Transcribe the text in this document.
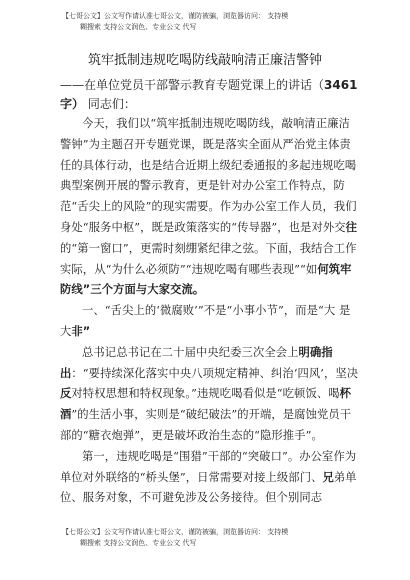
【七哥公文】公文写作请认准七哥公文，谨防被骗，浏览器访问： 支持模
糊搜索 支持公文润色、专业公文 代写
筑牢抵制违规吃喝防线敲响清正廉洁警钟
——在单位党员干部警示教育专题党课上的讲话（3461
字） 同志们：

今天，我们以“筑牢抵制违规吃喝防线，敲响清正廉洁警钟”为主题召开专题党课，既是落实全面从严治党主体责任的具体行动，也是结合近期上级纪委通报的多起违规吃喝典型案例开展的警示教育，更是针对办公室工作特点，防范“舌尖上的风险”的现实需要。作为办公室工作人员，我们身处“服务中枢”，既是政策落实的“传导器”，也是对外交往的“第一窗口”，更需时刻绷紧纪律之弦。下面，我结合工作实际，从“为什么必须防”“违规吃喝有哪些表现”“如何筑牢防线”三个方面与大家交流。

一、“舌尖上的‘微腐败’”不是“小事小节”，而是“大 是大非”

总书记总书记在二十届中央纪委三次全会上明确指出：“要持续深化落实中央八项规定精神、纠治‘四风’，坚决反对特权思想和特权现象。”违规吃喝看似是“吃顿饭、喝杯酒”的生活小事，实则是“破纪破法”的开端，是腐蚀党员干部的“糖衣炮弹”，更是破坏政治生态的“隐形推手”。

第一，违规吃喝是“围猎”干部的“突破口”。办公室作为单位对外联络的“桥头堡”，日常需要对接上级部门、兄弟单位、服务对象，不可避免涉及公务接待。但个别同志

【七哥公文】公文写作请认准七哥公文，谨防被骗，浏览器访问： 支持模
糊搜索 支持公文润色、专业公文 代写
